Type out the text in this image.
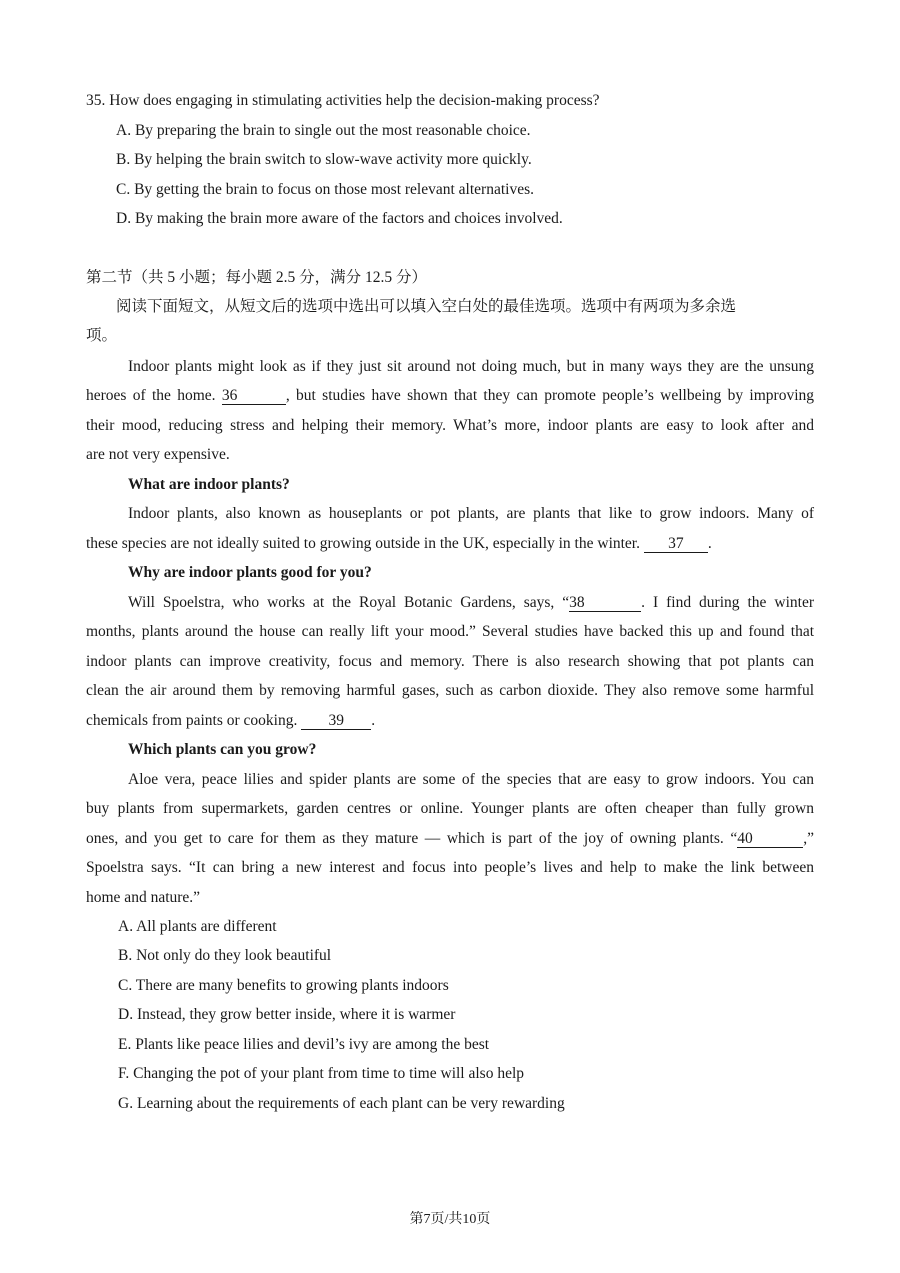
35. How does engaging in stimulating activities help the decision-making process?
A. By preparing the brain to single out the most reasonable choice.
B. By helping the brain switch to slow-wave activity more quickly.
C. By getting the brain to focus on those most relevant alternatives.
D. By making the brain more aware of the factors and choices involved.
第二节（共 5 小题；每小题 2.5 分，满分 12.5 分）
阅读下面短文，从短文后的选项中选出可以填入空白处的最佳选项。选项中有两项为多余选
项。
Indoor plants might look as if they just sit around not doing much, but in many ways they are the unsung
heroes of the home. 36	, but studies have shown that they can promote people’s wellbeing by improving
their mood, reducing stress and helping their memory. What’s more, indoor plants are easy to look after and
are not very expensive.
What are indoor plants?
Indoor plants, also known as houseplants or pot plants, are plants that like to grow indoors. Many of
these species are not ideally suited to growing outside in the UK, especially in the winter. 37 .
Why are indoor plants good for you?
Will Spoelstra, who works at the Royal Botanic Gardens, says, “38	. I find during the winter
months, plants around the house can really lift your mood.” Several studies have backed this up and found that
indoor plants can improve creativity, focus and memory. There is also research showing that pot plants can
clean the air around them by removing harmful gases, such as carbon dioxide. They also remove some harmful
chemicals from paints or cooking. 39 .
Which plants can you grow?
Aloe vera, peace lilies and spider plants are some of the species that are easy to grow indoors. You can
buy plants from supermarkets, garden centres or online. Younger plants are often cheaper than fully grown
ones, and you get to care for them as they mature — which is part of the joy of owning plants. “40	,”
Spoelstra says. “It can bring a new interest and focus into people’s lives and help to make the link between
home and nature.”
A. All plants are different
B. Not only do they look beautiful
C. There are many benefits to growing plants indoors
D. Instead, they grow better inside, where it is warmer
E. Plants like peace lilies and devil’s ivy are among the best
F. Changing the pot of your plant from time to time will also help
G. Learning about the requirements of each plant can be very rewarding
第7页/共10页
